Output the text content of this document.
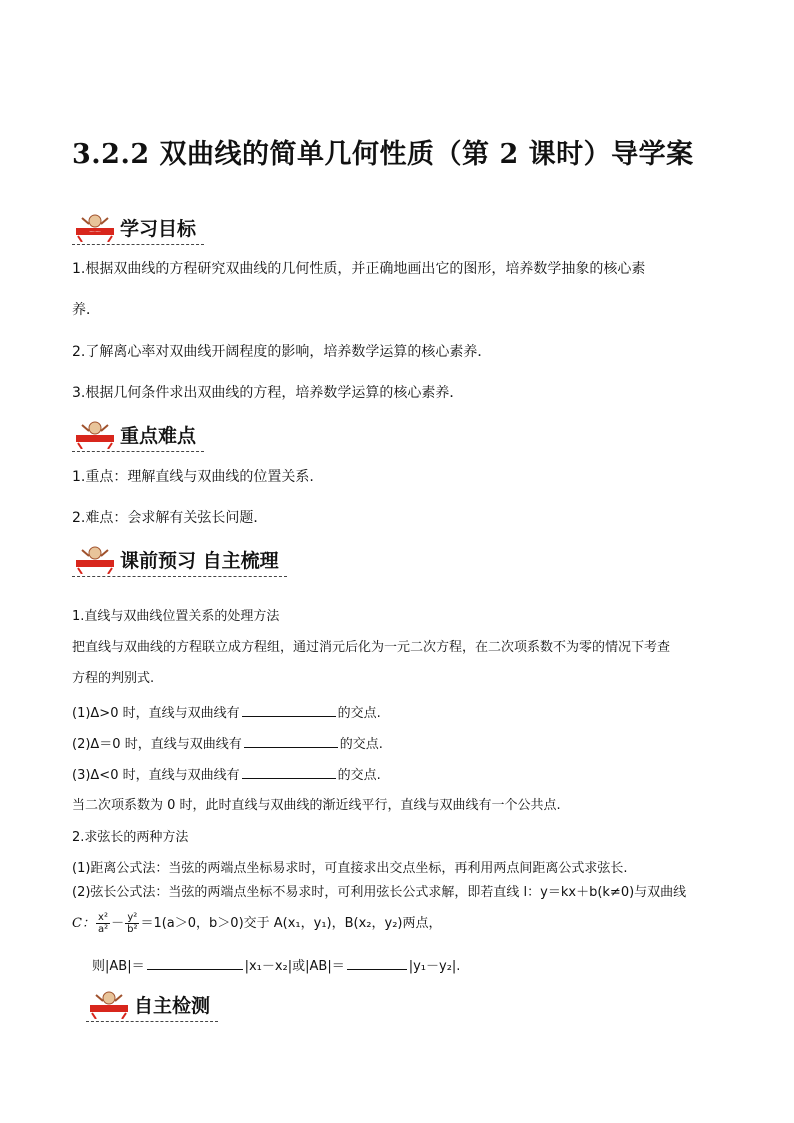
3.2.2 双曲线的简单几何性质（第 2 课时）导学案
～～ 学习目标
1.根据双曲线的方程研究双曲线的几何性质，并正确地画出它的图形，培养数学抽象的核心素
养．
2.了解离心率对双曲线开阔程度的影响，培养数学运算的核心素养．
3.根据几何条件求出双曲线的方程，培养数学运算的核心素养．
重点难点
1.重点：理解直线与双曲线的位置关系.
2.难点：会求解有关弦长问题．
课前预习 自主梳理
1.直线与双曲线位置关系的处理方法
把直线与双曲线的方程联立成方程组，通过消元后化为一元二次方程，在二次项系数不为零的情况下考查
方程的判别式.
(1)Δ>0 时，直线与双曲线有	的交点.
(2)Δ＝0 时，直线与双曲线有	的交点.
(3)Δ<0 时，直线与双曲线有	的交点.
当二次项系数为 0 时，此时直线与双曲线的渐近线平行，直线与双曲线有一个公共点.
2.求弦长的两种方法
(1)距离公式法：当弦的两端点坐标易求时，可直接求出交点坐标，再利用两点间距离公式求弦长.
(2)弦长公式法：当弦的两端点坐标不易求时，可利用弦长公式求解，即若直线 l：y＝kx＋b(k≠0)与双曲线
C： $\frac{\text{x²}}{\text{a²}} - \frac{\text{y²}}{\text{b²}} =1(a>0$，b＞0)交于 A(x₁，y₁)，B(x₂，y₂)两点，
则|AB|＝	|x₁－x₂|或|AB|＝	|y₁－y₂|.
自主检测
